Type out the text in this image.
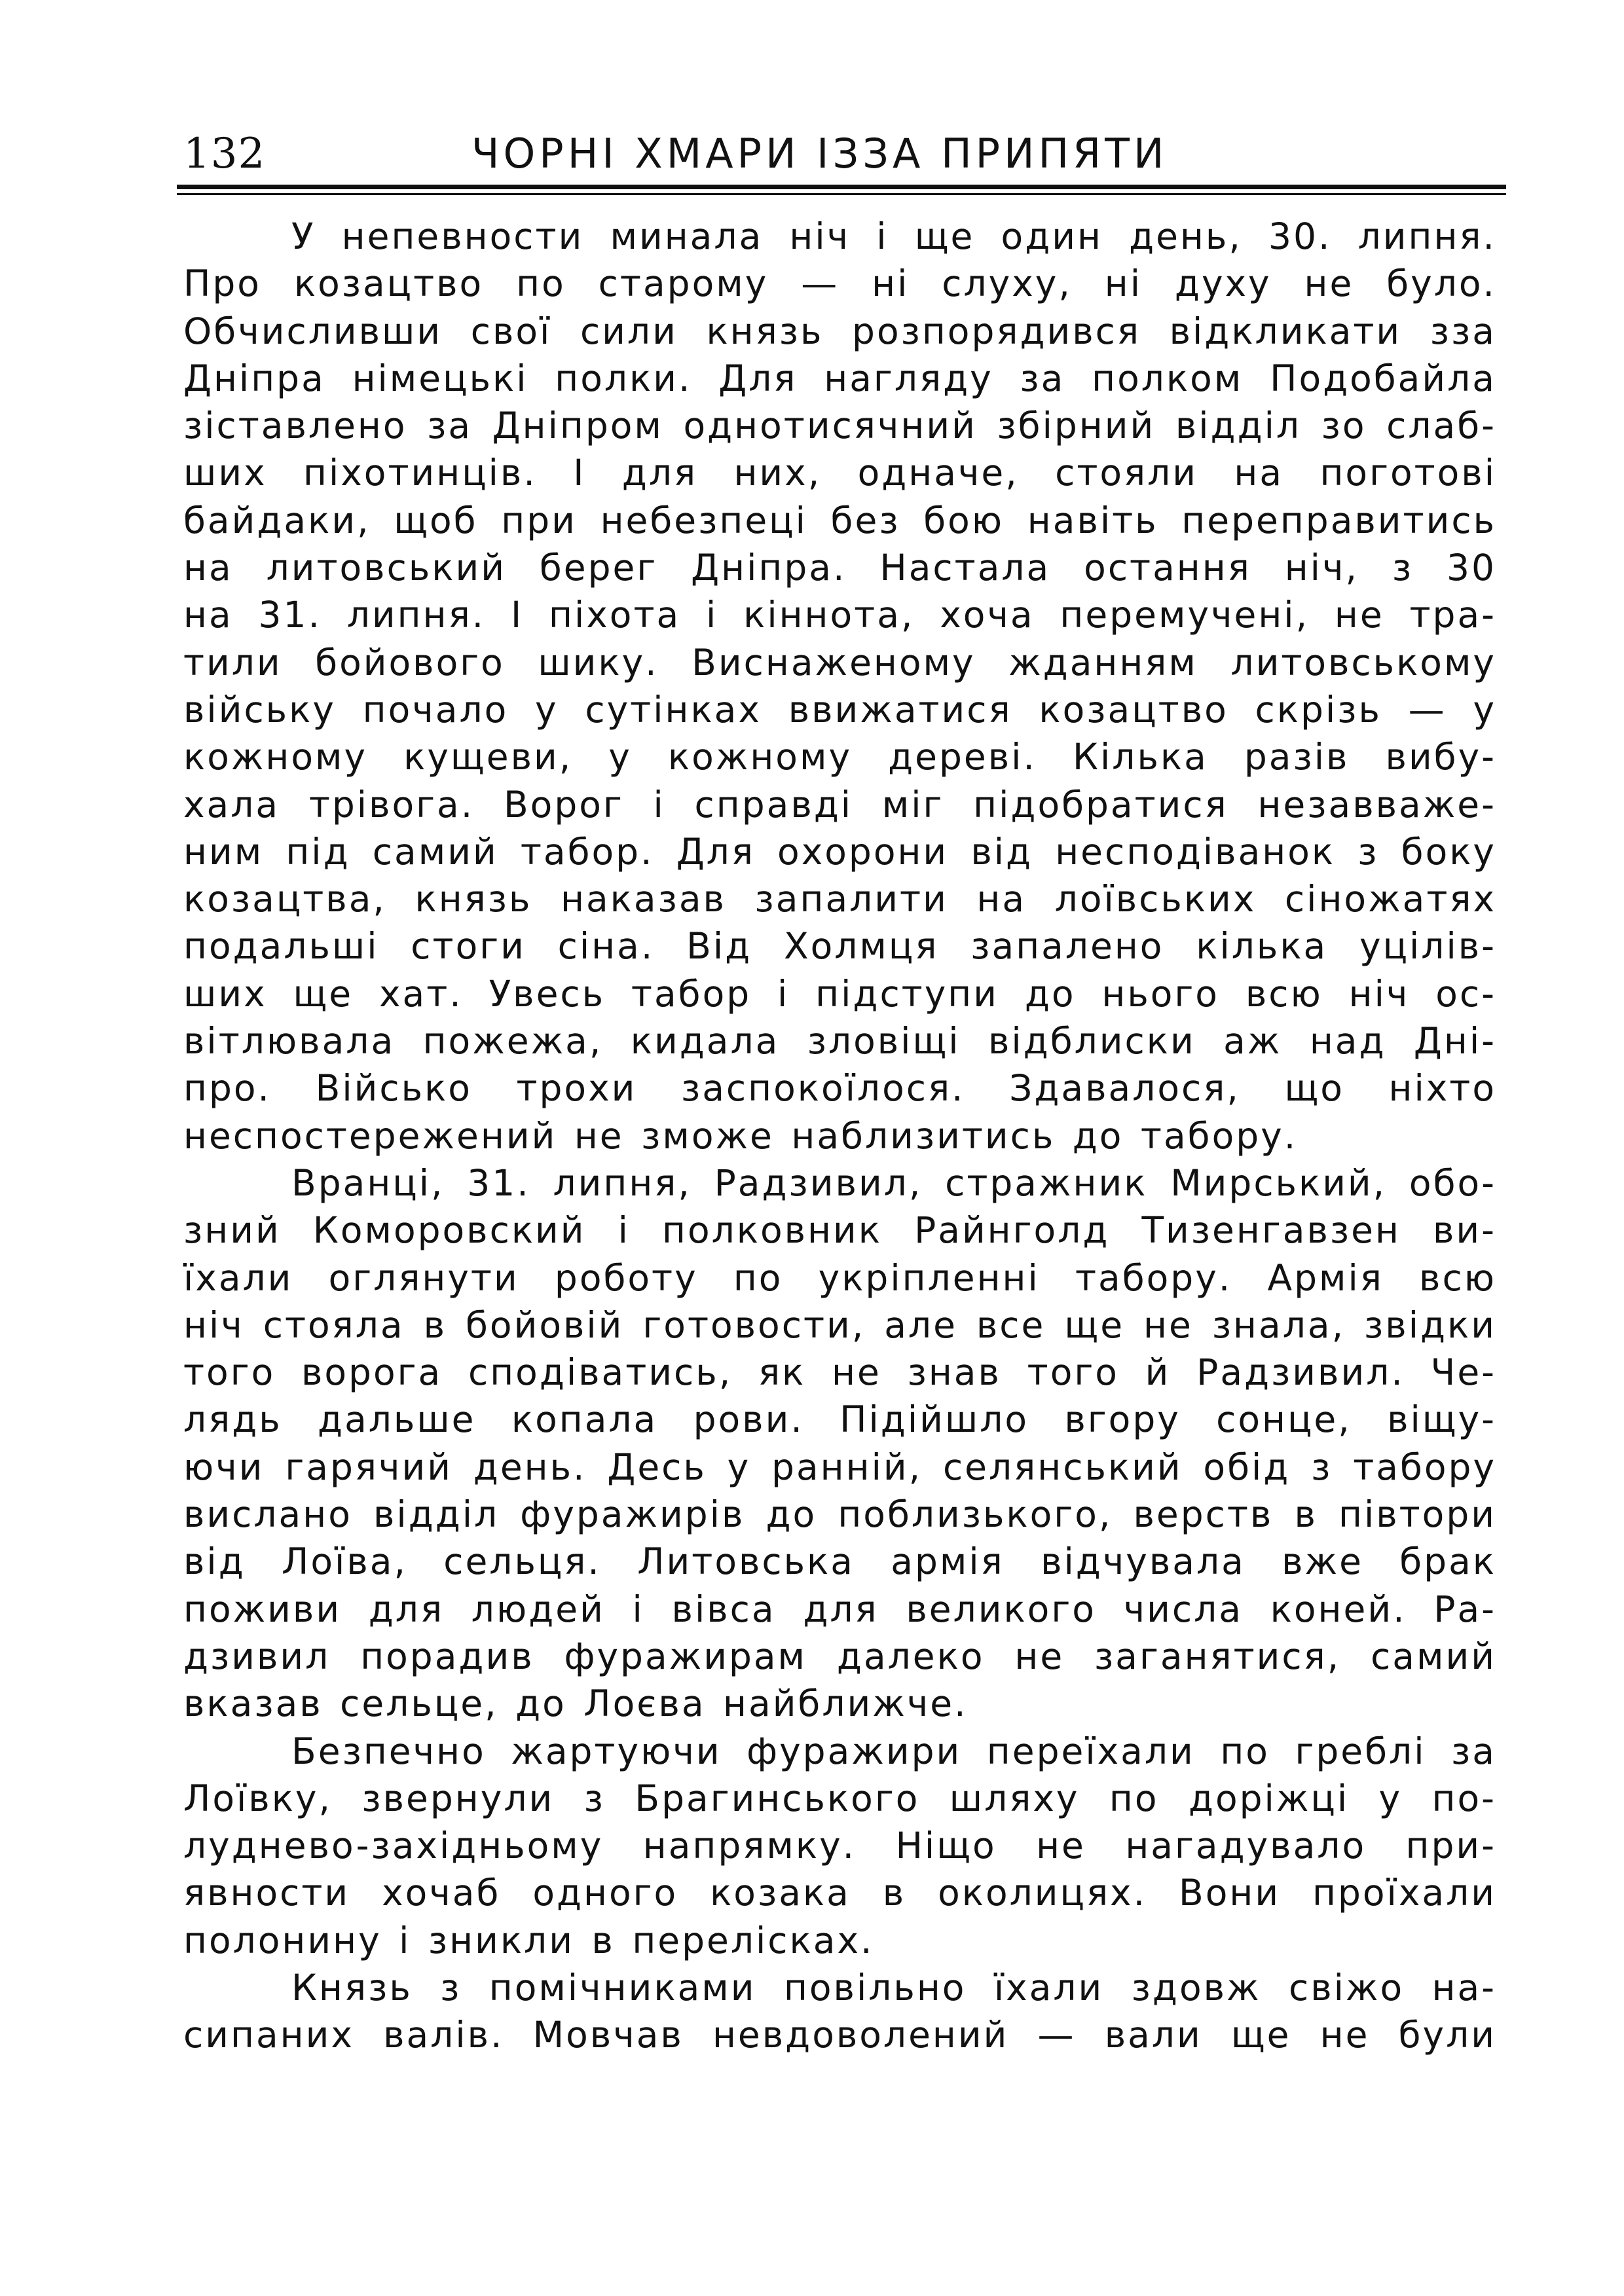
132	ЧОРНІ ХМАРИ ІЗЗА ПРИПЯТИ
У непевности минала ніч і ще один день, 30. липня.
Про козацтво по старому — ні слуху, ні духу не було.
Обчисливши свої сили князь розпорядився відкликати зза
Дніпра німецькі полки. Для нагляду за полком Подобайла
зіставлено за Дніпром однотисячний збірний відділ зо слаб-
ших піхотинців. І для них, одначе, стояли на поготові
байдаки, щоб при небезпеці без бою навіть переправитись
на литовський берег Дніпра. Настала остання ніч, з 30
на 31. липня. І піхота і кіннота, хоча перемучені, не тра-
тили бойового шику. Виснаженому жданням литовському
війську почало у сутінках ввижатися козацтво скрізь — у
кожному кущеви, у кожному дереві. Кілька разів вибу-
хала трівога. Ворог і справді міг підобратися незавваже-
ним під самий табор. Для охорони від несподіванок з боку
козацтва, князь наказав запалити на лоївських сіножатях
подальші стоги сіна. Від Холмця запалено кілька уцілів-
ших ще хат. Увесь табор і підступи до нього всю ніч ос-
вітлювала пожежа, кидала зловіщі відблиски аж над Дні-
про. Військо трохи заспокоїлося. Здавалося, що ніхто
неспостережений не зможе наблизитись до табору.
Вранці, 31. липня, Радзивил, стражник Мирський, обо-
зний Коморовский і полковник Райнголд Тизенгавзен ви-
їхали оглянути роботу по укріпленні табору. Армія всю
ніч стояла в бойовій готовости, але все ще не знала, звідки
того ворога сподіватись, як не знав того й Радзивил. Че-
лядь дальше копала рови. Підійшло вгору сонце, віщу-
ючи гарячий день. Десь у ранній, селянський обід з табору
вислано відділ фуражирів до поблизького, верств в півтори
від Лоїва, сельця. Литовська армія відчувала вже брак
поживи для людей і вівса для великого числа коней. Ра-
дзивил порадив фуражирам далеко не заганятися, самий
вказав сельце, до Лоєва найближче.
Безпечно жартуючи фуражири переїхали по греблі за
Лоївку, звернули з Брагинського шляху по доріжці у по-
лудневo-західньому напрямку. Ніщо не нагадувало при-
явности хочаб одного козака в околицях. Вони проїхали
полонину і зникли в перелісках.
Князь з помічниками повільно їхали здовж свіжо на-
сипаних валів. Мовчав невдоволений — вали ще не були
